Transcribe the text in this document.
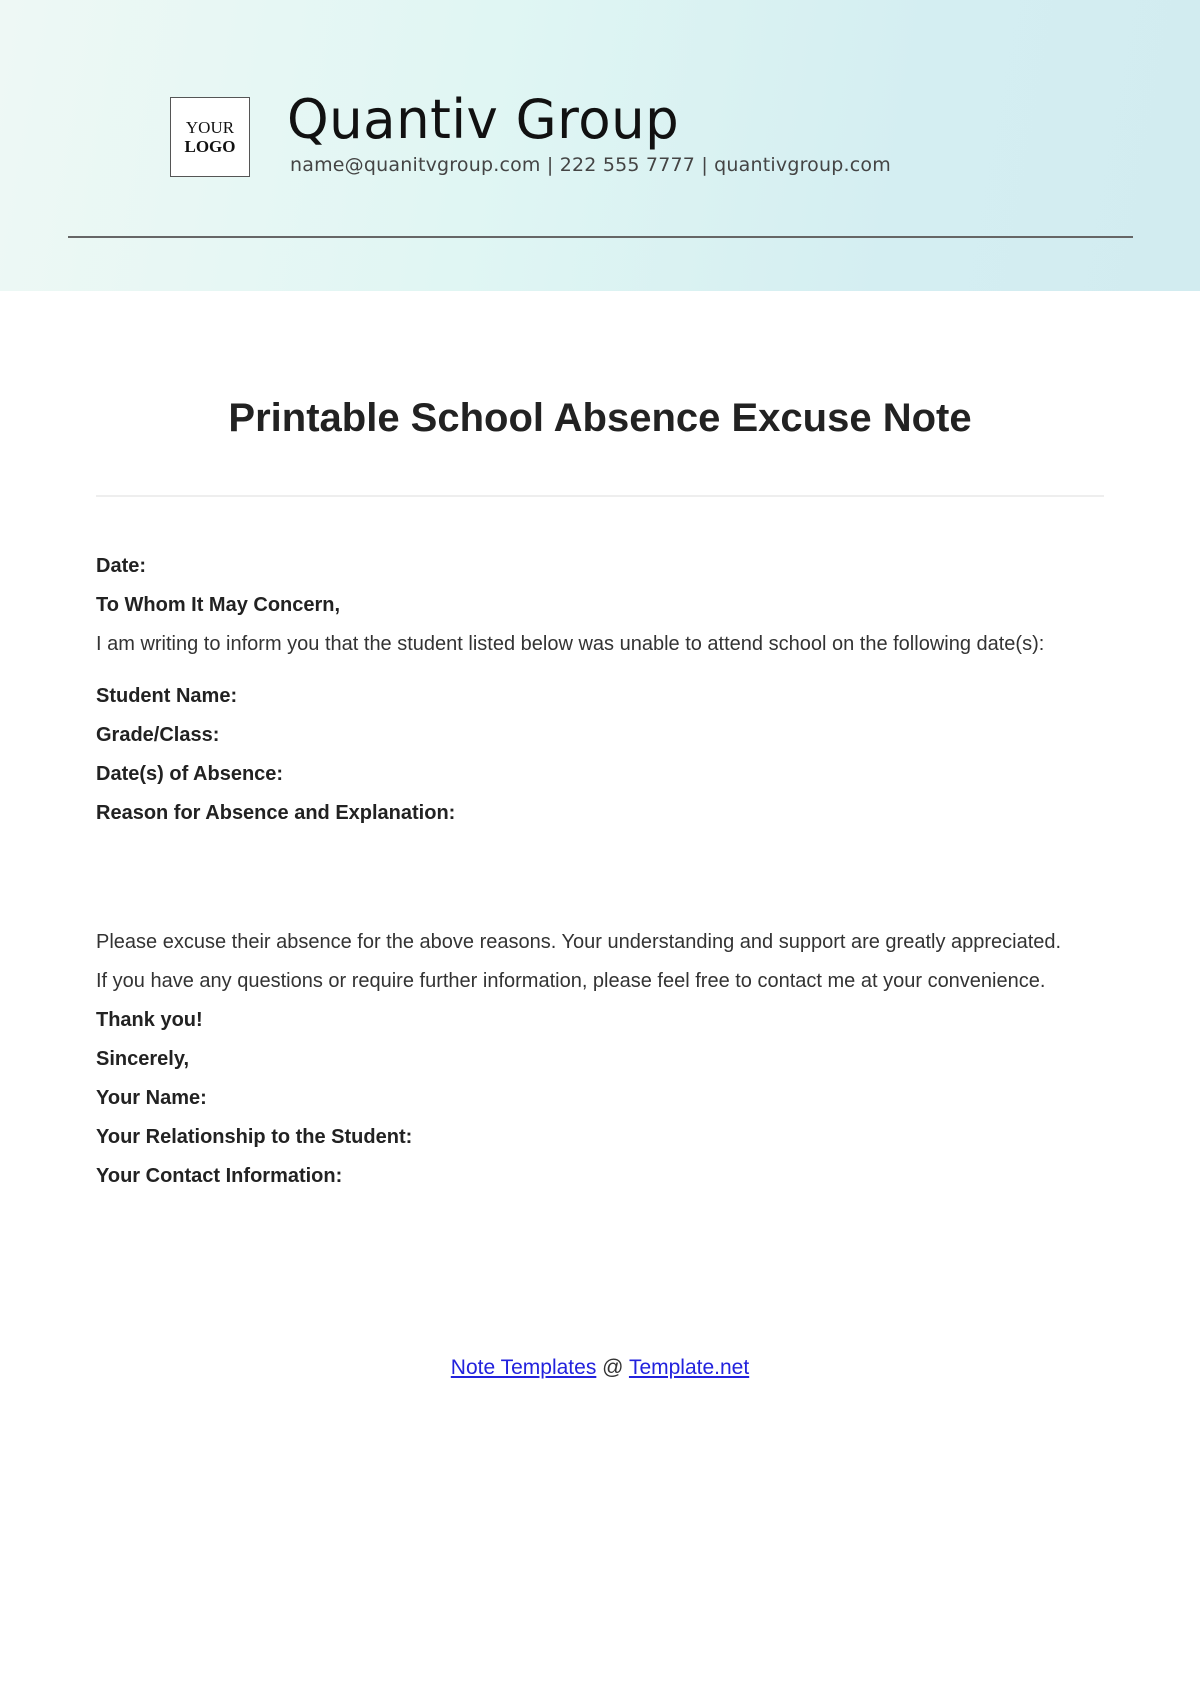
YOUR
LOGO Quantiv Group
name@quanitvgroup.com | 222 555 7777 | quantivgroup.com
Printable School Absence Excuse Note

Date:

To Whom It May Concern,

I am writing to inform you that the student listed below was unable to attend school on the following date(s):

Student Name:

Grade/Class:

Date(s) of Absence:

Reason for Absence and Explanation:

Please excuse their absence for the above reasons. Your understanding and support are greatly appreciated.

If you have any questions or require further information, please feel free to contact me at your convenience.

Thank you!

Sincerely,

Your Name:

Your Relationship to the Student:

Your Contact Information:

Note Templates @ Template.net
